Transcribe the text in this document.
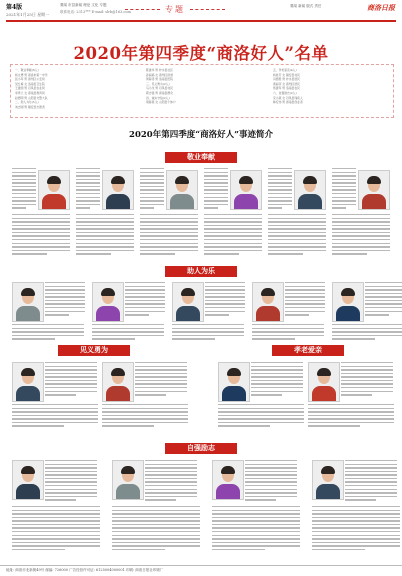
第4版
2021年1月25日 星期一
要闻 市县新闻 理论 文化 专题
联系电话: 2313*** E-mail: slrb@163.com	专题	要闻 新闻 版式 责任	商洛日报
2020年第四季度“商洛好人”名单
一、敬业奉献(6人)
杨文博 男 商洛市第一中学
张小军 男 商州区公安局
吴红梅 女 洛南县卫生院
王建国 男 丹凤县农业局
李秀兰 女 商南县教育局
赵德明 男 山阳县交警大队
二、助人为乐(5人)
刘志刚 男 镇安县志愿者
陈建华 男 柞水县社区
孙丽娟 女 商州区街道
周海涛 男 洛南县医院
三、见义勇为(2人)
马小龙 男 丹凤县村民
郭志强 男 商南县群众
四、诚实守信(2人)
胡春燕 女 山阳县个体户
五、孝老爱亲(4人)
杨桂芳 女 镇安县村民
冯德胜 男 柞水县居民
黄丽萍 女 商州区居民
郑建军 男 洛南县农民
六、自强励志(2人)
宋小燕 女 丹凤县残疾人
韩宏伟 男 商南县创业者
2020年第四季度“商洛好人”事迹简介
敬业奉献
助人为乐
见义勇为	孝老爱亲
自强励志
地址: 商洛市北新街49号 邮编: 726000 广告经营许可证: 6125004000001 印刷: 商洛日报社印刷厂
